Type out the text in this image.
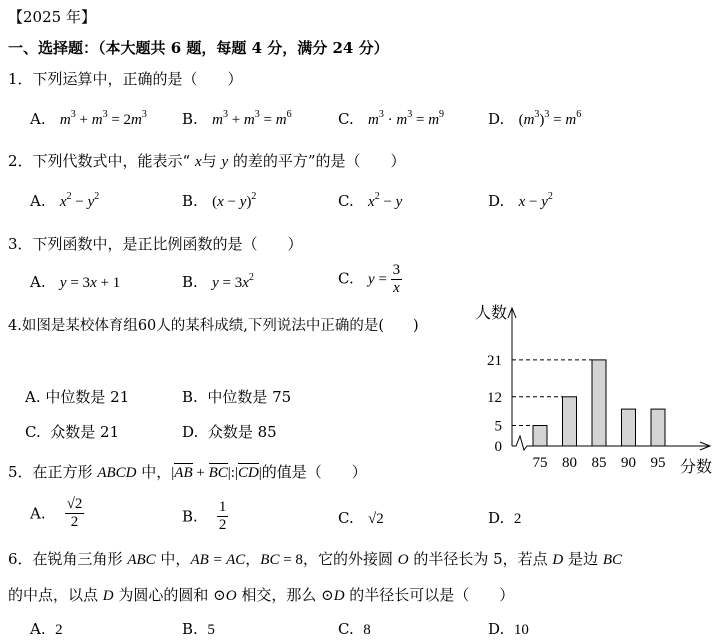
【2025 年】
一、选择题：（本大题共 6 题，每题 4 分，满分 24 分）
1．下列运算中，正确的是（　　）
A. $m^3 + m^3 = 2m^3$ B. $m^3 + m^3 = m^6$	C. $m^3 \cdot m^3 = m^9$	D. $(m^3)^3 = m^6$
2．下列代数式中，能表示“ x与 y 的差的平方”的是（　　）
A. $x^2 - y^2$	B. $(x - y)^2$	C. $x^2 - y$	D. $x - y^2$
3．下列函数中，是正比例函数的是（　　）
A. y = 3x + 1	B. $y = 3x^2$	C. $y = \frac{3}{x}$
4.如图是某校体育组60人的某科成绩,下列说法中正确的是(　　)
A. 中位数是 21	B. 中位数是 75
C. 众数是 21	D. 众数是 85
0
5
12
21
75 80 85 90 95
人数
分数
5．在正方形 ABCD 中，|AB + BC|:|CD|的值是（　　）
A. $\frac{√2}{2}$	B. $\frac{1}{2}$	C. √2	D. 2
6．在锐角三角形 ABC 中，AB = AC，BC = 8，它的外接圆 O 的半径长为 5，若点 D 是边 BC
的中点，以点 D 为圆心的圆和 ⊙O 相交，那么 ⊙D 的半径长可以是（　　）
A. 2	B. 5	C. 8	D. 10
